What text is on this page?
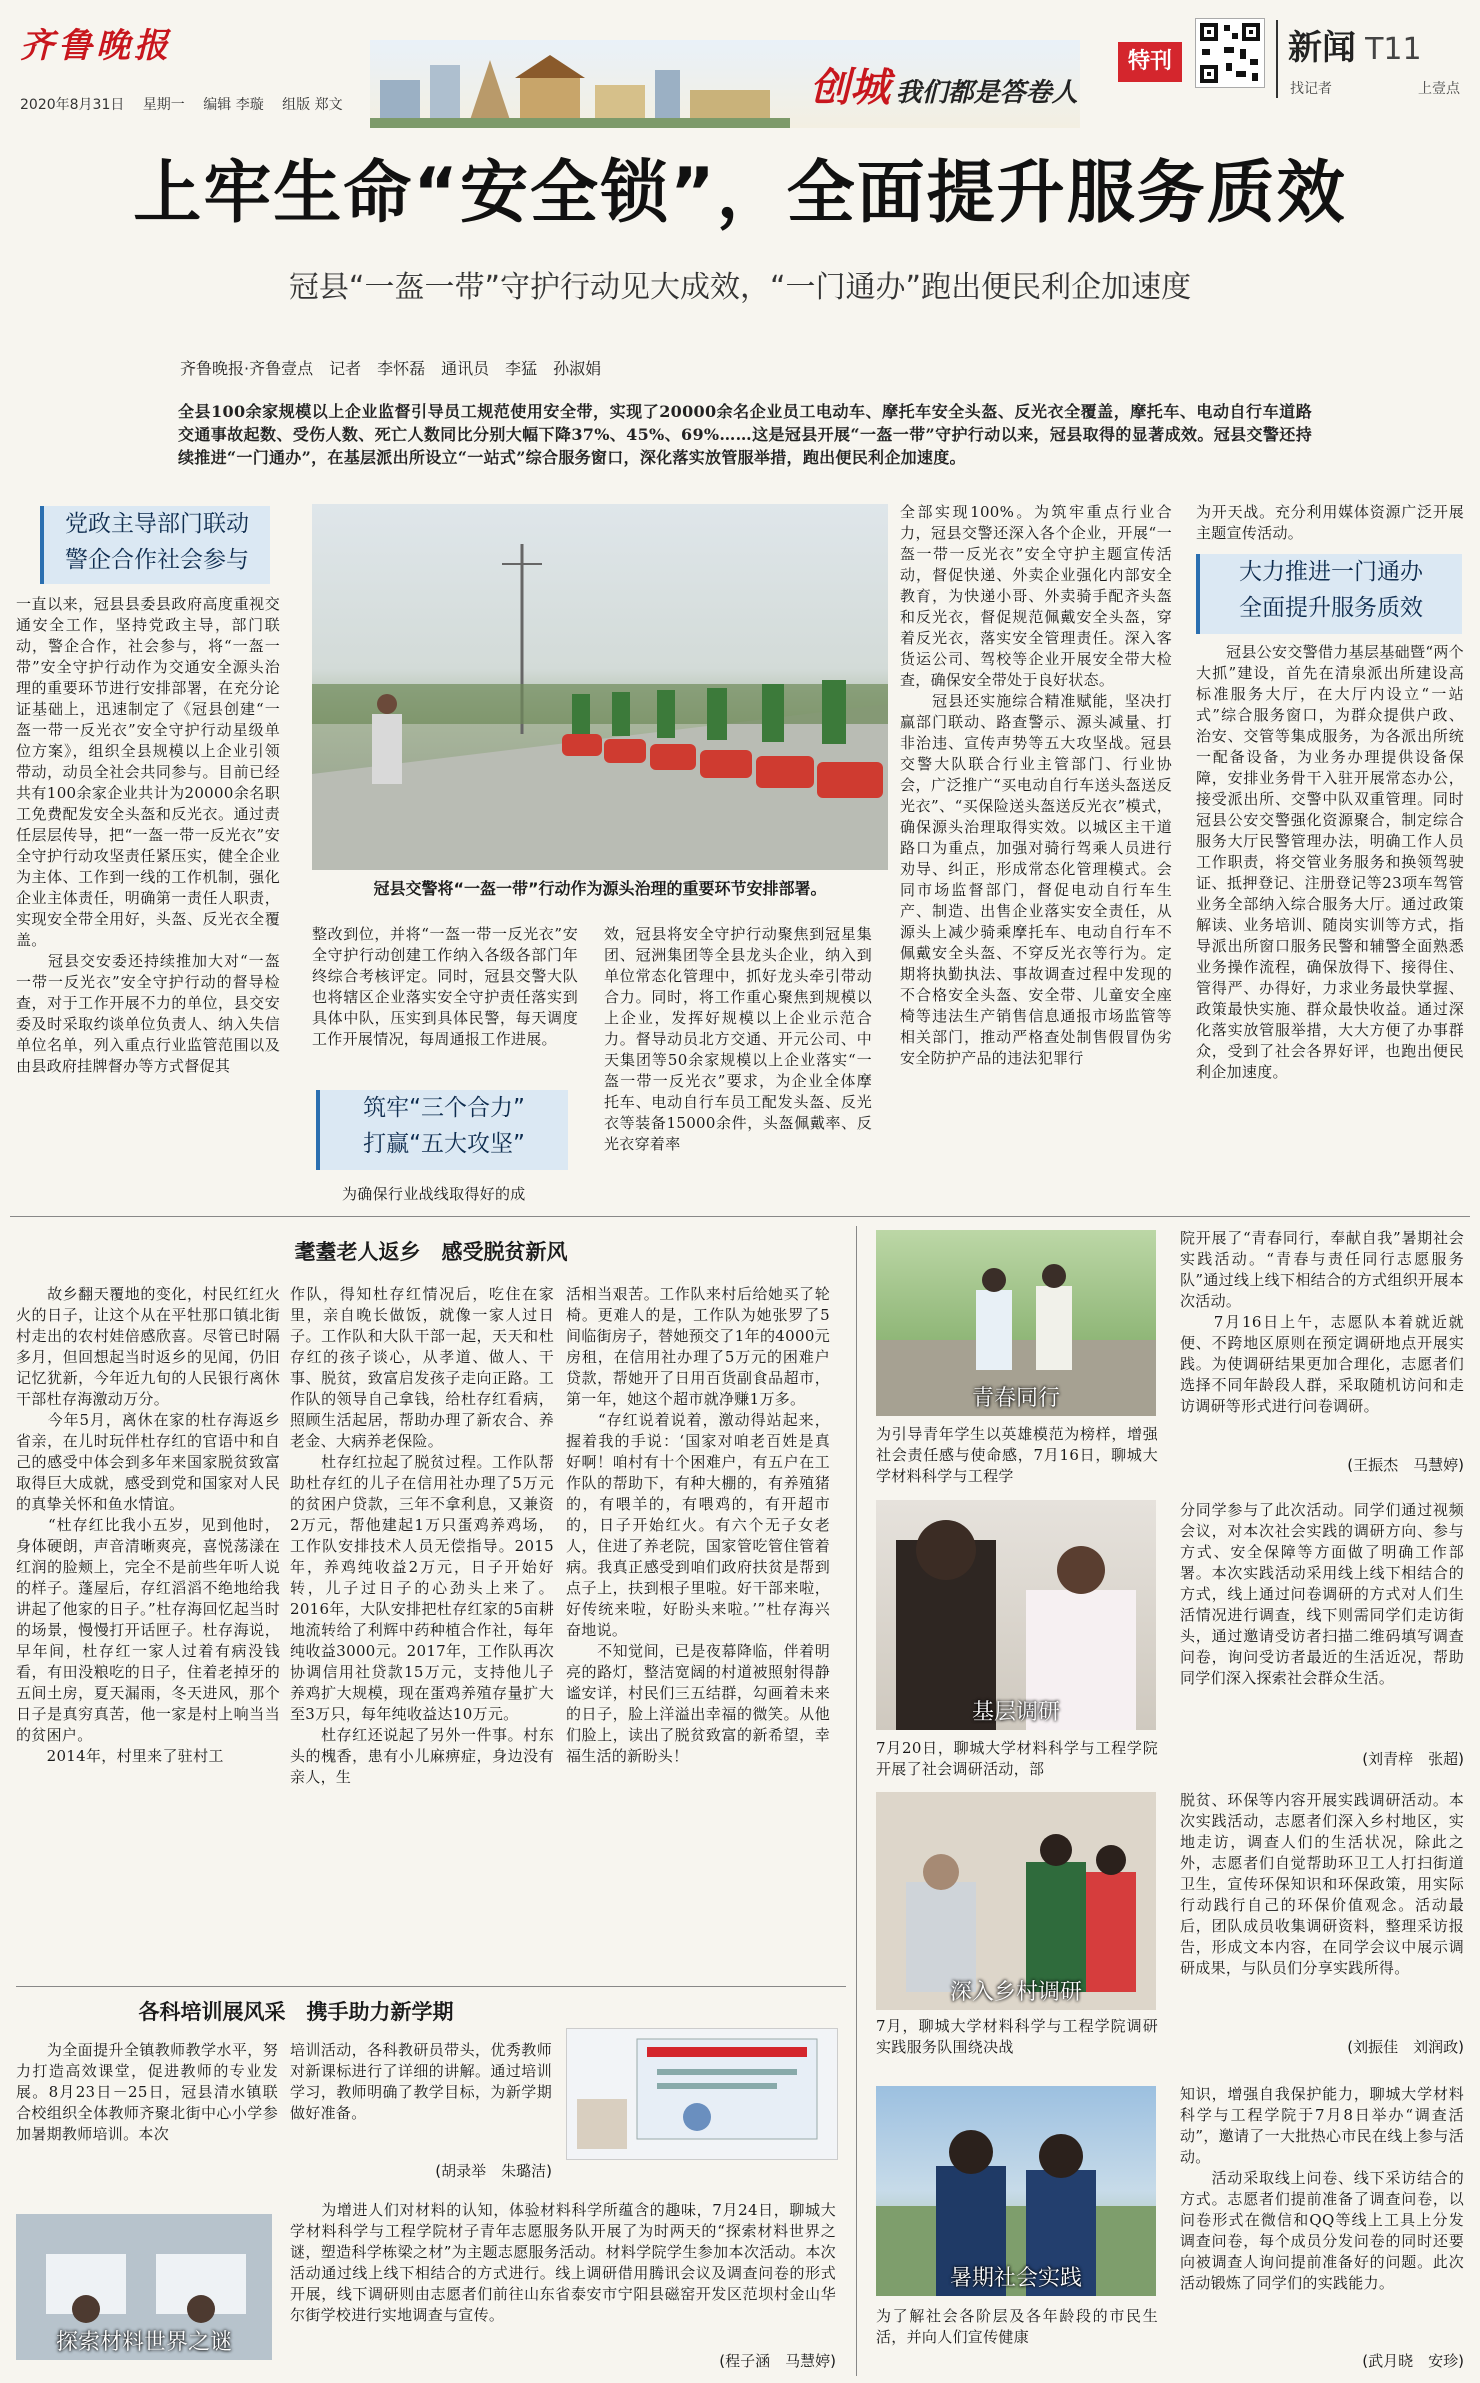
齐鲁晚报
2020年8月31日 星期一 编辑 李璇 组版 郑文	创城 我们都是答卷人
特刊	新闻 T11
找记者	上壹点
上牢生命“安全锁”，全面提升服务质效
冠县“一盔一带”守护行动见大成效，“一门通办”跑出便民利企加速度
齐鲁晚报·齐鲁壹点　记者　李怀磊　通讯员　李猛　孙淑娟
全县100余家规模以上企业监督引导员工规范使用安全带，实现了20000余名企业员工电动车、摩托车安全头盔、反光衣全覆盖，摩托车、电动自行车道路交通事故起数、受伤人数、死亡人数同比分别大幅下降37%、45%、69%……这是冠县开展“一盔一带”守护行动以来，冠县取得的显著成效。冠县交警还持续推进“一门通办”，在基层派出所设立“一站式”综合服务窗口，深化落实放管服举措，跑出便民利企加速度。
党政主导部门联动
警企合作社会参与
一直以来，冠县县委县政府高度重视交通安全工作，坚持党政主导，部门联动，警企合作，社会参与，将“一盔一带”安全守护行动作为交通安全源头治理的重要环节进行安排部署，在充分论证基础上，迅速制定了《冠县创建“一盔一带一反光衣”安全守护行动星级单位方案》，组织全县规模以上企业引领带动，动员全社会共同参与。目前已经共有100余家企业共计为20000余名职工免费配发安全头盔和反光衣。通过责任层层传导，把“一盔一带一反光衣”安全守护行动攻坚责任紧压实，健全企业为主体、工作到一线的工作机制，强化企业主体责任，明确第一责任人职责，实现安全带全用好，头盔、反光衣全覆盖。
　　冠县交安委还持续推加大对“一盔一带一反光衣”安全守护行动的督导检查，对于工作开展不力的单位，县交安委及时采取约谈单位负责人、纳入失信单位名单，列入重点行业监管范围以及由县政府挂牌督办等方式督促其
冠县交警将“一盔一带”行动作为源头治理的重要环节安排部署。
整改到位，并将“一盔一带一反光衣”安全守护行动创建工作纳入各级各部门年终综合考核评定。同时，冠县交警大队也将辖区企业落实安全守护责任落实到具体中队，压实到具体民警，每天调度工作开展情况，每周通报工作进展。
筑牢“三个合力”
打赢“五大攻坚”
为确保行业战线取得好的成
效，冠县将安全守护行动聚焦到冠星集团、冠洲集团等全县龙头企业，纳入到单位常态化管理中，抓好龙头牵引带动合力。同时，将工作重心聚焦到规模以上企业，发挥好规模以上企业示范合力。督导动员北方交通、开元公司、中天集团等50余家规模以上企业落实“一盔一带一反光衣”要求，为企业全体摩托车、电动自行车员工配发头盔、反光衣等装备15000余件，头盔佩戴率、反光衣穿着率
全部实现100%。为筑牢重点行业合力，冠县交警还深入各个企业，开展“一盔一带一反光衣”安全守护主题宣传活动，督促快递、外卖企业强化内部安全教育，为快递小哥、外卖骑手配齐头盔和反光衣，督促规范佩戴安全头盔，穿着反光衣，落实安全管理责任。深入客货运公司、驾校等企业开展安全带大检查，确保安全带处于良好状态。
　　冠县还实施综合精准赋能，坚决打赢部门联动、路查警示、源头减量、打非治违、宣传声势等五大攻坚战。冠县交警大队联合行业主管部门、行业协会，广泛推广“买电动自行车送头盔送反光衣”、“买保险送头盔送反光衣”模式，确保源头治理取得实效。以城区主干道路口为重点，加强对骑行驾乘人员进行劝导、纠正，形成常态化管理模式。会同市场监督部门，督促电动自行车生产、制造、出售企业落实安全责任，从源头上减少骑乘摩托车、电动自行车不佩戴安全头盔、不穿反光衣等行为。定期将执勤执法、事故调查过程中发现的不合格安全头盔、安全带、儿童安全座椅等违法生产销售信息通报市场监管等相关部门，推动严格查处制售假冒伪劣安全防护产品的违法犯罪行
为开天战。充分利用媒体资源广泛开展主题宣传活动。
大力推进一门通办
全面提升服务质效
冠县公安交警借力基层基础暨“两个大抓”建设，首先在清泉派出所建设高标准服务大厅，在大厅内设立“一站式”综合服务窗口，为群众提供户政、治安、交管等集成服务，为各派出所统一配备设备，为业务办理提供设备保障，安排业务骨干入驻开展常态办公，接受派出所、交警中队双重管理。同时冠县公安交警强化资源聚合，制定综合服务大厅民警管理办法，明确工作人员工作职责，将交管业务服务和换领驾驶证、抵押登记、注册登记等23项车驾管业务全部纳入综合服务大厅。通过政策解读、业务培训、随岗实训等方式，指导派出所窗口服务民警和辅警全面熟悉业务操作流程，确保放得下、接得住、管得严、办得好，力求业务最快掌握、政策最快实施、群众最快收益。通过深化落实放管服举措，大大方便了办事群众，受到了社会各界好评，也跑出便民利企加速度。
耄耋老人返乡　感受脱贫新风
　　故乡翻天覆地的变化，村民红红火火的日子，让这个从在平牡那口镇北街村走出的农村娃倍感欣喜。尽管已时隔多月，但回想起当时返乡的见闻，仍旧记忆犹新，今年近九旬的人民银行离休干部杜存海激动万分。
　　今年5月，离休在家的杜存海返乡省亲，在儿时玩伴杜存红的官语中和自己的感受中体会到多年来国家脱贫致富取得巨大成就，感受到党和国家对人民的真挚关怀和鱼水情谊。
　　“杜存红比我小五岁，见到他时，身体硬朗，声音清晰爽亮，喜悦荡漾在红润的脸颊上，完全不是前些年听人说的样子。蓬屋后，存红滔滔不绝地给我讲起了他家的日子。”杜存海回忆起当时的场景，慢慢打开话匣子。杜存海说，早年间，杜存红一家人过着有病没钱看，有田没粮吃的日子，住着老掉牙的五间土房，夏天漏雨，冬天进风，那个日子是真穷真苦，他一家是村上响当当的贫困户。
　　2014年，村里来了驻村工
作队，得知杜存红情况后，吃住在家里，亲自晚长做饭，就像一家人过日子。工作队和大队干部一起，天天和杜存红的孩子谈心，从孝道、做人、干事、脱贫，致富启发孩子走向正路。工作队的领导自己拿钱，给杜存红看病，照顾生活起居，帮助办理了新农合、养老金、大病养老保险。
　　杜存红拉起了脱贫过程。工作队帮助杜存红的儿子在信用社办理了5万元的贫困户贷款，三年不拿利息，又兼资2万元，帮他建起1万只蛋鸡养鸡场，工作队安排技术人员无偿指导。2015年，养鸡纯收益2万元，日子开始好转，儿子过日子的心劲头上来了。2016年，大队安排把杜存红家的5亩耕地流转给了利辉中药种植合作社，每年纯收益3000元。2017年，工作队再次协调信用社贷款15万元，支持他儿子养鸡扩大规模，现在蛋鸡养殖存量扩大至3万只，每年纯收益达10万元。
　　杜存红还说起了另外一件事。村东头的槐香，患有小儿麻痹症，身边没有亲人，生
活相当艰苦。工作队来村后给她买了轮椅。更难人的是，工作队为她张罗了5间临街房子，替她预交了1年的4000元房租，在信用社办理了5万元的困难户贷款，帮她开了日用百货副食品超市，第一年，她这个超市就净赚1万多。
　　“存红说着说着，激动得站起来，握着我的手说：‘国家对咱老百姓是真好啊！咱村有十个困难户，有五户在工作队的帮助下，有种大棚的，有养殖猪的，有喂羊的，有喂鸡的，有开超市的，日子开始红火。有六个无子女老人，住进了养老院，国家管吃管住管着病。我真正感受到咱们政府扶贫是帮到点子上，扶到根子里啦。好干部来啦，好传统来啦，好盼头来啦。’”杜存海兴奋地说。
　　不知觉间，已是夜幕降临，伴着明亮的路灯，整洁宽阔的村道被照射得静谧安详，村民们三五结群，勾画着未来的日子，脸上洋溢出幸福的微笑。从他们脸上，读出了脱贫致富的新希望，幸福生活的新盼头！
各科培训展风采　携手助力新学期
　　为全面提升全镇教师教学水平，努力打造高效课堂，促进教师的专业发展。8月23日－25日，冠县清水镇联合校组织全体教师齐聚北街中心小学参加暑期教师培训。本次
培训活动，各科教研员带头，优秀教师对新课标进行了详细的讲解。通过培训学习，教师明确了教学目标，为新学期做好准备。
(胡录举　朱璐洁)
探索材料世界之谜
　　为增进人们对材料的认知，体验材料科学所蕴含的趣味，7月24日，聊城大学材料科学与工程学院材子青年志愿服务队开展了为时两天的“探索材料世界之谜，塑造科学栋梁之材”为主题志愿服务活动。材料学院学生参加本次活动。本次活动通过线上线下相结合的方式进行。线上调研借用腾讯会议及调查问卷的形式开展，线下调研则由志愿者们前往山东省泰安市宁阳县磁窑开发区范坝村金山华尔街学校进行实地调查与宣传。
(程子涵　马慧婷)
青春同行
为引导青年学生以英雄模范为榜样，增强社会责任感与使命感，7月16日，聊城大学材料科学与工程学
院开展了“青春同行，奉献自我”暑期社会实践活动。“青春与责任同行志愿服务队”通过线上线下相结合的方式组织开展本次活动。
　　7月16日上午，志愿队本着就近就便、不跨地区原则在预定调研地点开展实践。为使调研结果更加合理化，志愿者们选择不同年龄段人群，采取随机访问和走访调研等形式进行问卷调研。
(王振杰　马慧婷)
基层调研
7月20日，聊城大学材料科学与工程学院开展了社会调研活动，部
分同学参与了此次活动。同学们通过视频会议，对本次社会实践的调研方向、参与方式、安全保障等方面做了明确工作部署。本次实践活动采用线上线下相结合的方式，线上通过问卷调研的方式对人们生活情况进行调查，线下则需同学们走访街头，通过邀请受访者扫描二维码填写调查问卷，询问受访者最近的生活近况，帮助同学们深入探索社会群众生活。
(刘青梓　张超)
深入乡村调研
7月，聊城大学材料科学与工程学院调研实践服务队围绕决战
脱贫、环保等内容开展实践调研活动。本次实践活动，志愿者们深入乡村地区，实地走访，调查人们的生活状况，除此之外，志愿者们自觉帮助环卫工人打扫街道卫生，宣传环保知识和环保政策，用实际行动践行自己的环保价值观念。活动最后，团队成员收集调研资料，整理采访报告，形成文本内容，在同学会议中展示调研成果，与队员们分享实践所得。
(刘振佳　刘润政)
暑期社会实践
为了解社会各阶层及各年龄段的市民生活，并向人们宣传健康
知识，增强自我保护能力，聊城大学材料科学与工程学院于7月8日举办“调查活动”，邀请了一大批热心市民在线上参与活动。
　　活动采取线上问卷、线下采访结合的方式。志愿者们提前准备了调查问卷，以问卷形式在微信和QQ等线上工具上分发调查问卷，每个成员分发问卷的同时还要向被调查人询问提前准备好的问题。此次活动锻炼了同学们的实践能力。
(武月晓　安珍)
